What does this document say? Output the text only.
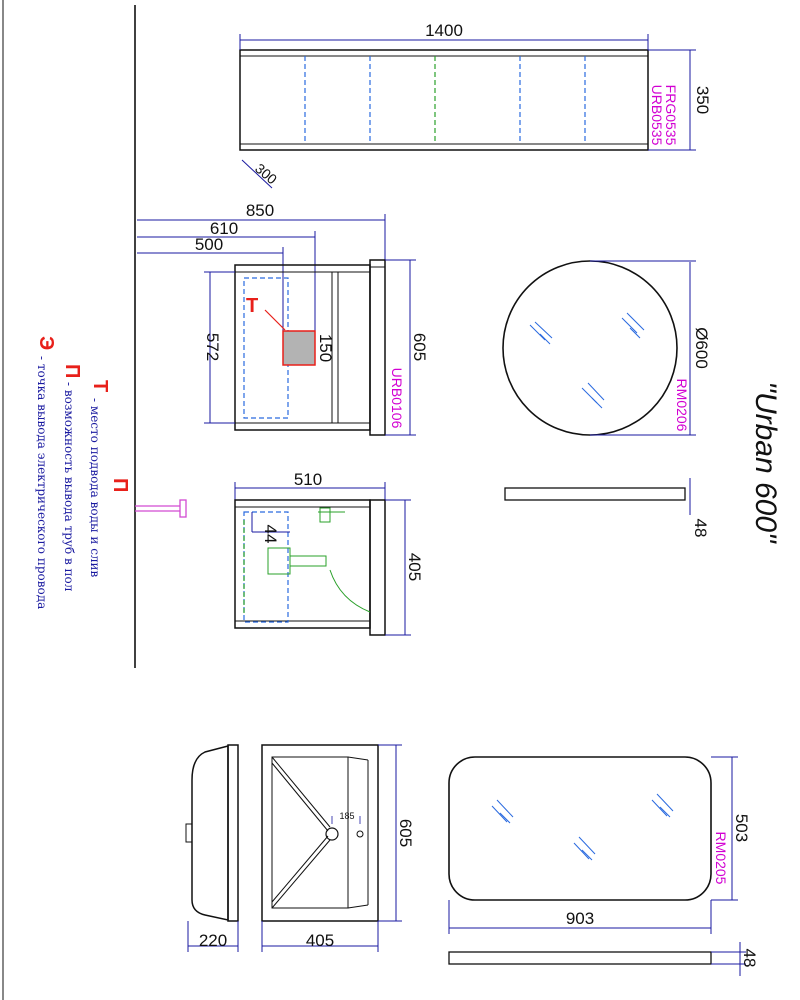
1400
350
URB0535
FRG0535
300
850
610
500
Т
150
572	605
URB0106
510
44
405
П
Ø600
RM0206
48 "Urban 600"
Т
- место подвода воды и слив
П
- возможность вывода труб в пол
Э
- точка вывода электрического провода
220
185
405
605
903
503
RM0205
48
